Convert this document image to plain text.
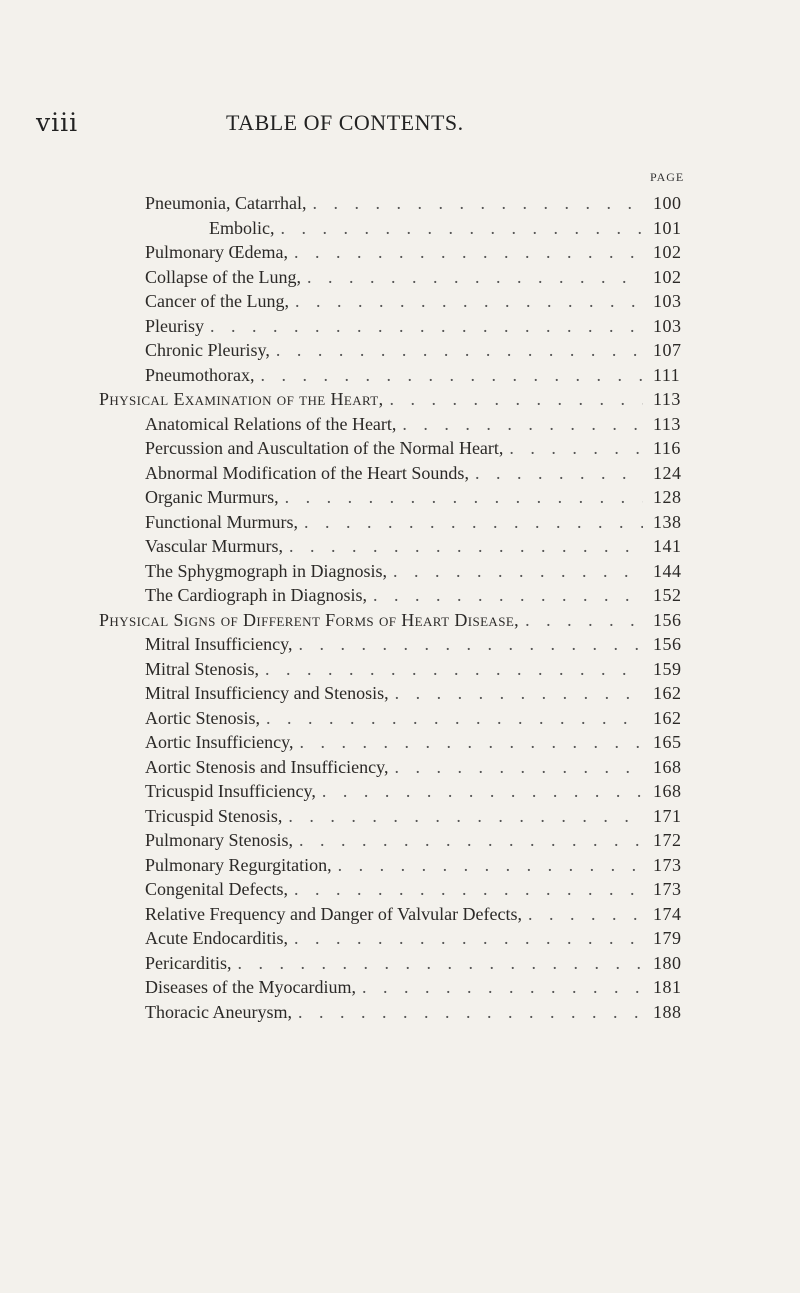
viii	TABLE OF CONTENTS.
PAGE
Pneumonia, Catarrhal, . . .	100
Embolic, . . .	101
Pulmonary Œdema, . . .	102
Collapse of the Lung, . . .	102
Cancer of the Lung, . . .	103
Pleurisy . . .	103
Chronic Pleurisy, . . .	107
Pneumothorax, . . .	111
Physical Examination of the Heart, . . .	113
Anatomical Relations of the Heart, . . .	113
Percussion and Auscultation of the Normal Heart, . . .	116
Abnormal Modification of the Heart Sounds, . . .	124
Organic Murmurs, . . .	128
Functional Murmurs, . . .	138
Vascular Murmurs, . . .	141
The Sphygmograph in Diagnosis, . . .	144
The Cardiograph in Diagnosis, . . .	152
Physical Signs of Different Forms of Heart Disease, . . .	156
Mitral Insufficiency, . . .	156
Mitral Stenosis, . . .	159
Mitral Insufficiency and Stenosis, . . .	162
Aortic Stenosis, . . .	162
Aortic Insufficiency, . . .	165
Aortic Stenosis and Insufficiency, . . .	168
Tricuspid Insufficiency, . . .	168
Tricuspid Stenosis, . . .	171
Pulmonary Stenosis, . . .	172
Pulmonary Regurgitation, . . .	173
Congenital Defects, . . .	173
Relative Frequency and Danger of Valvular Defects, . . .	174
Acute Endocarditis, . . .	179
Pericarditis, . . .	180
Diseases of the Myocardium, . . .	181
Thoracic Aneurysm, . . .	188
